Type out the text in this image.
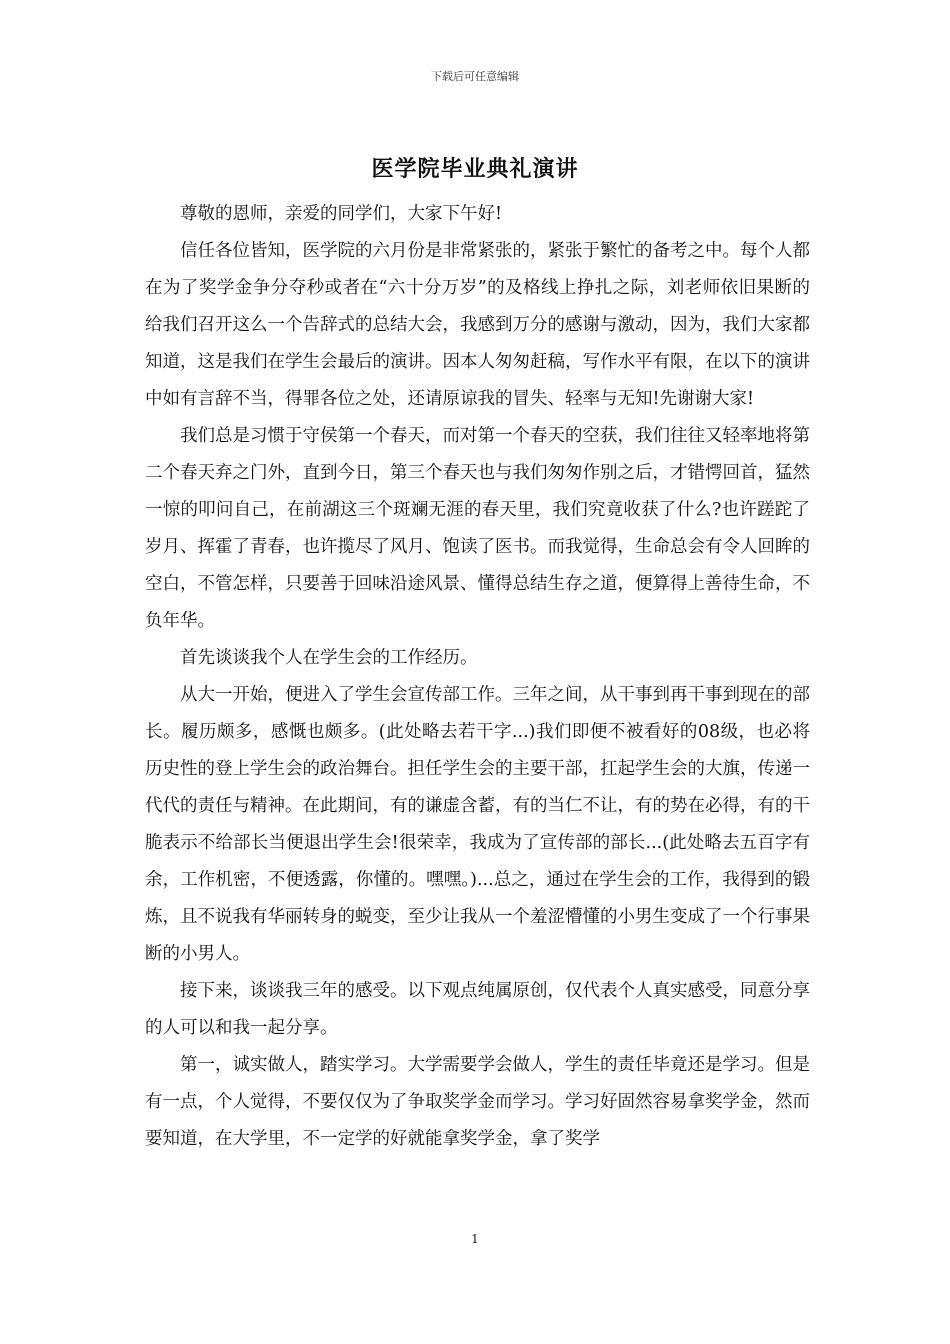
下载后可任意编辑
医学院毕业典礼演讲

尊敬的恩师，亲爱的同学们，大家下午好!

信任各位皆知，医学院的六月份是非常紧张的，紧张于繁忙的备考之中。每个人都在为了奖学金争分夺秒或者在“六十分万岁”的及格线上挣扎之际，刘老师依旧果断的给我们召开这么一个告辞式的总结大会，我感到万分的感谢与激动，因为，我们大家都知道，这是我们在学生会最后的演讲。因本人匆匆赶稿，写作水平有限，在以下的演讲中如有言辞不当，得罪各位之处，还请原谅我的冒失、轻率与无知!先谢谢大家!

我们总是习惯于守侯第一个春天，而对第一个春天的空获，我们往往又轻率地将第二个春天弃之门外，直到今日，第三个春天也与我们匆匆作别之后，才错愕回首，猛然一惊的叩问自己，在前湖这三个斑斓无涯的春天里，我们究竟收获了什么?也许蹉跎了岁月、挥霍了青春，也许揽尽了风月、饱读了医书。而我觉得，生命总会有令人回眸的空白，不管怎样，只要善于回味沿途风景、懂得总结生存之道，便算得上善待生命，不负年华。

首先谈谈我个人在学生会的工作经历。

从大一开始，便进入了学生会宣传部工作。三年之间，从干事到再干事到现在的部长。履历颇多，感慨也颇多。(此处略去若干字...)我们即便不被看好的08级，也必将历史性的登上学生会的政治舞台。担任学生会的主要干部，扛起学生会的大旗，传递一代代的责任与精神。在此期间，有的谦虚含蓄，有的当仁不让，有的势在必得，有的干脆表示不给部长当便退出学生会!很荣幸，我成为了宣传部的部长...(此处略去五百字有余，工作机密，不便透露，你懂的。嘿嘿。)...总之，通过在学生会的工作，我得到的锻炼，且不说我有华丽转身的蜕变，至少让我从一个羞涩懵懂的小男生变成了一个行事果断的小男人。

接下来，谈谈我三年的感受。以下观点纯属原创，仅代表个人真实感受，同意分享的人可以和我一起分享。

第一，诚实做人，踏实学习。大学需要学会做人，学生的责任毕竟还是学习。但是有一点，个人觉得，不要仅仅为了争取奖学金而学习。学习好固然容易拿奖学金，然而要知道，在大学里，不一定学的好就能拿奖学金，拿了奖学

1
